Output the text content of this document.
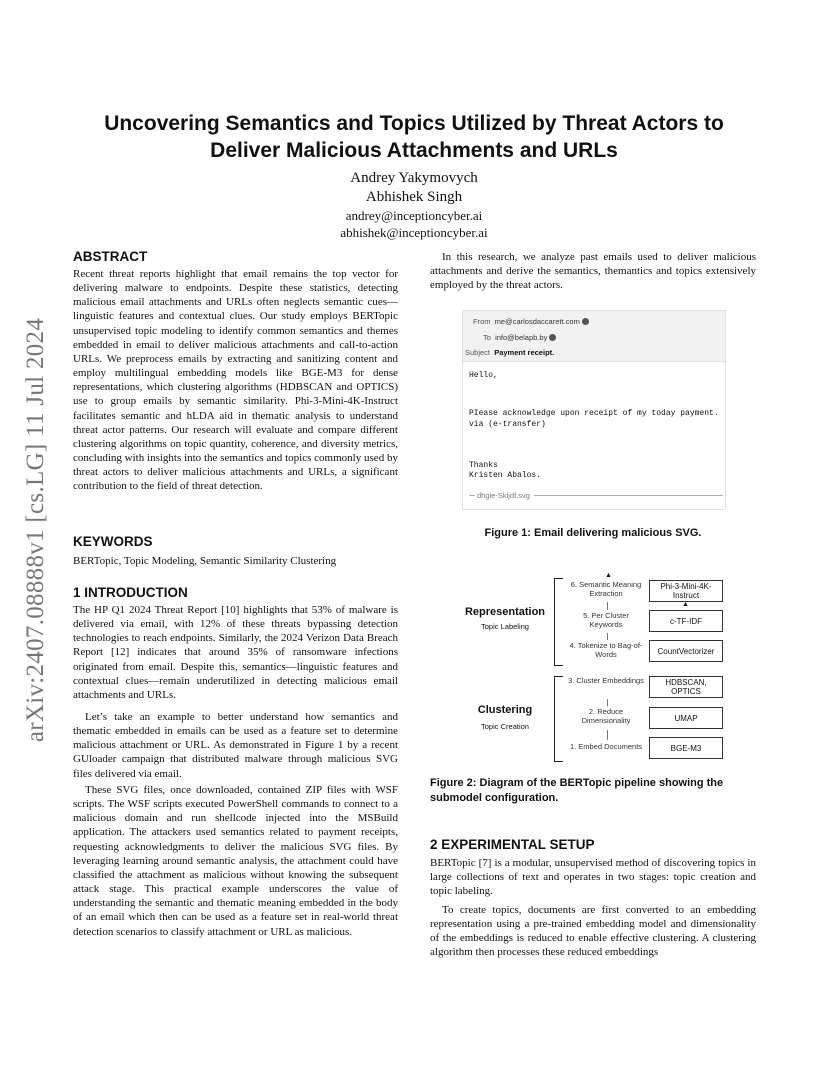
arXiv:2407.08888v1 [cs.LG] 11 Jul 2024
Uncovering Semantics and Topics Utilized by Threat Actors to
Deliver Malicious Attachments and URLs
Andrey Yakymovych
Abhishek Singh
andrey@inceptioncyber.ai
abhishek@inceptioncyber.ai
ABSTRACT
Recent threat reports highlight that email remains the top vector for delivering malware to endpoints. Despite these statistics, detecting malicious email attachments and URLs often neglects semantic cues—linguistic features and contextual clues. Our study employs BERTopic unsupervised topic modeling to identify common semantics and themes embedded in email to deliver malicious attachments and call-to-action URLs. We preprocess emails by extracting and sanitizing content and employ multilingual embedding models like BGE-M3 for dense representations, which clustering algorithms (HDBSCAN and OPTICS) use to group emails by semantic similarity. Phi-3-Mini-4K-Instruct facilitates semantic and hLDA aid in thematic analysis to understand threat actor patterns. Our research will evaluate and compare different clustering algorithms on topic quantity, coherence, and diversity metrics, concluding with insights into the semantics and topics commonly used by threat actors to deliver malicious attachments and URLs, a significant contribution to the field of threat detection.
KEYWORDS
BERTopic, Topic Modeling, Semantic Similarity Clustering
1 INTRODUCTION
The HP Q1 2024 Threat Report [10] highlights that 53% of malware is delivered via email, with 12% of these threats bypassing detection technologies to reach endpoints. Similarly, the 2024 Verizon Data Breach Report [12] indicates that around 35% of ransomware infections originated from email. Despite this, semantics—linguistic features and contextual clues—remain underutilized in detecting malicious email attachments and URLs.
Let’s take an example to better understand how semantics and thematic embedded in emails can be used as a feature set to determine malicious attachment or URL. As demonstrated in Figure 1 by a recent GUloader campaign that distributed malware through malicious SVG files delivered via email.
These SVG files, once downloaded, contained ZIP files with WSF scripts. The WSF scripts executed PowerShell commands to connect to a malicious domain and run shellcode injected into the MSBuild application. The attackers used semantics related to payment receipts, requesting acknowledgments to deliver the malicious SVG files. By leveraging learning around semantic analysis, the attachment could have classified the attachment as malicious without knowing the subsequent attack stage. This practical example underscores the value of understanding the semantic and thematic meaning embedded in the body of an email which then can be used as a feature set in real-world threat detection scenarios to classify attachment or URL as malicious.
In this research, we analyze past emails used to deliver malicious attachments and derive the semantics, themantics and topics extensively employed by the threat actors.
From me@carlosdaccarett.com
To info@belapb.by
Subject Payment receipt.
Hello,
PIease acknowledge upon receipt of my today payment.
via (e-transfer)
Thanks
Kristen Abalos.
dhgle-Skljdf.svg
Figure 1: Email delivering malicious SVG.
Representation
Topic Labeling
Clustering
Topic Creation
6. Semantic Meaning Extraction
5. Per Cluster Keywords
4. Tokenize to Bag-of-Words
3. Cluster Embeddings
2. Reduce Dimensionality
1. Embed Documents
▲
Phi-3-Mini-4K-Instruct
▲
c-TF-IDF
CountVectorizer
HDBSCAN, OPTICS
UMAP
BGE-M3
Figure 2: Diagram of the BERTopic pipeline showing the
submodel configuration.
2 EXPERIMENTAL SETUP
BERTopic [7] is a modular, unsupervised method of discovering topics in large collections of text and operates in two stages: topic creation and topic labeling.
To create topics, documents are first converted to an embedding representation using a pre-trained embedding model and dimensionality of the embeddings is reduced to enable effective clustering. A clustering algorithm then processes these reduced embeddings
